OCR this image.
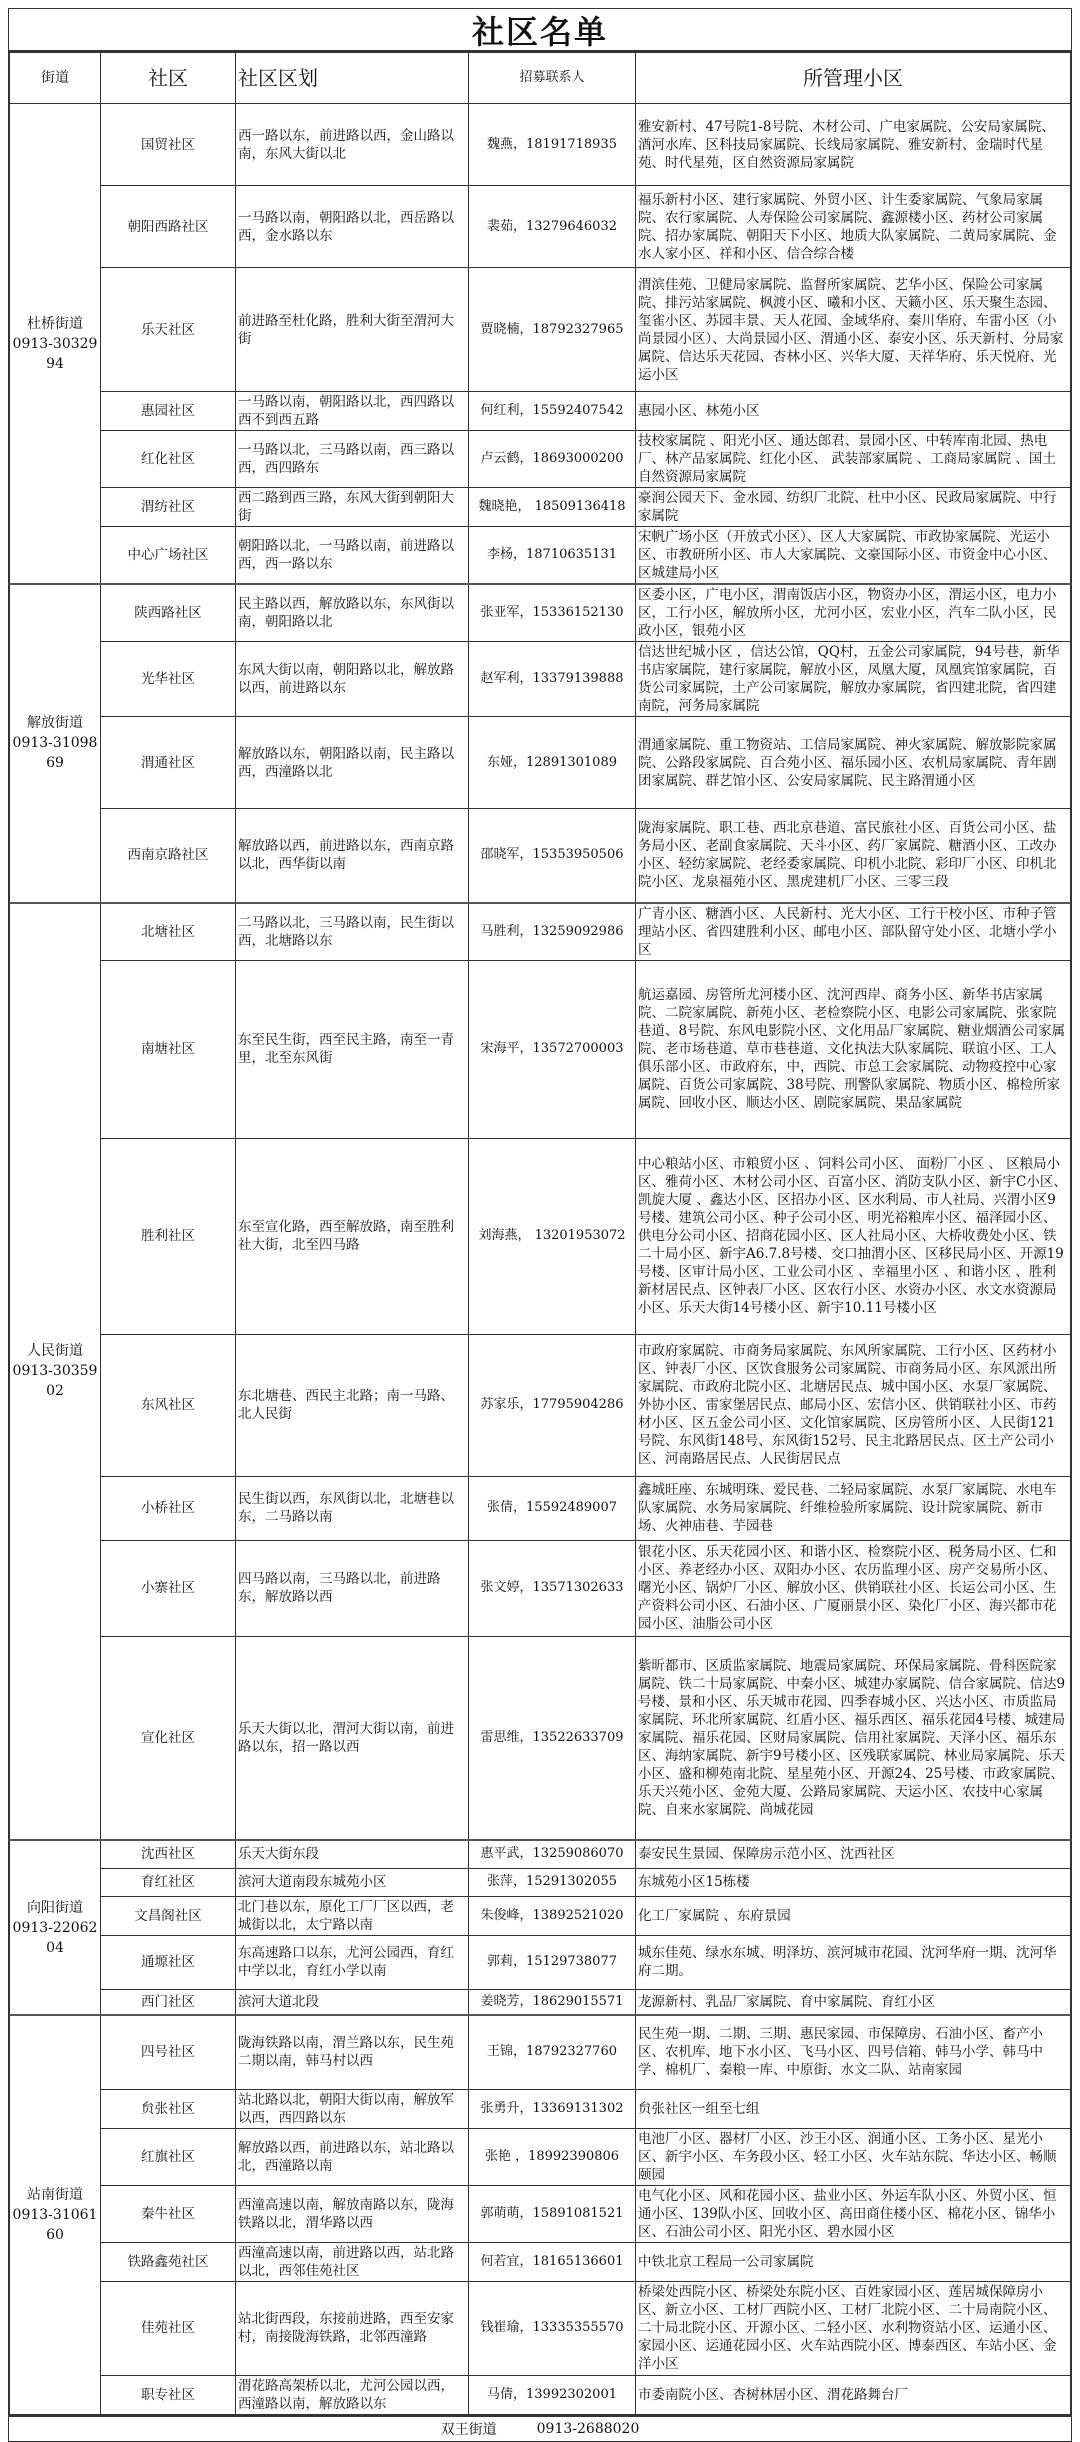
社区名单
街道	社区	社区区划	招募联系人	所管理小区

杜桥街道
0913-3032994	国贸社区	西一路以东，前进路以西，金山路以南，东风大街以北	魏燕，18191718935	雅安新村、47号院1-8号院、木材公司、广电家属院、公安局家属院、湭河水库、区科技局家属院、长线局家属院、雅安新村、金瑞时代星苑、时代星苑，区自然资源局家属院
	朝阳西路社区	一马路以南，朝阳路以北，西岳路以西，金水路以东	裴茹，13279646032	福乐新村小区、建行家属院、外贸小区、计生委家属院、气象局家属院、农行家属院、人寿保险公司家属院、鑫源楼小区、药材公司家属院、招办家属院、朝阳天下小区、地质大队家属院、二黄局家属院、金水人家小区、祥和小区、信合综合楼
	乐天社区	前进路至杜化路，胜利大街至渭河大街	贾晓楠，18792327965	渭滨佳苑、卫健局家属院、监督所家属院、艺华小区、保险公司家属院、排污站家属院、枫渡小区、曦和小区、天籁小区、乐天聚生态园、玺雀小区、苏园丰景、天人花园、金域华府、秦川华府、车雷小区（小尚景园小区）、大尚景园小区、渭通小区、泰安小区、乐天新村、分局家属院、信达乐天花园、杏林小区、兴华大厦、天祥华府、乐天悦府、光运小区
	惠园社区	一马路以南，朝阳路以北，西四路以西不到西五路	何红利，15592407542	惠园小区、林苑小区
	红化社区	一马路以北，三马路以南，西三路以西，西四路东	卢云鹤，18693000200	技校家属院 、阳光小区、通达郎君、景园小区、中转库南北园、热电厂、林产品家属院、红化小区、 武装部家属院 、工商局家属院 、国土自然资源局家属院
	渭纺社区	西二路到西三路，东风大街到朝阳大街	魏晓艳， 18509136418	豪润公园天下、金水园、纺织厂北院、杜中小区、民政局家属院、中行家属院
	中心广场社区	朝阳路以北，一马路以南，前进路以西，西一路以东	李杨，18710635131	宋帆广场小区（开放式小区）、区人大家属院、市政协家属院、光运小区、市教研所小区、市人大家属院、文豪国际小区、市资金中心小区、区城建局小区

解放街道
0913-3109869	陕西路社区	民主路以西，解放路以东，东风街以南，朝阳路以北	张亚军，15336152130	区委小区，广电小区，渭南饭店小区，物资办小区，渭运小区，电力小区，工行小区，解放所小区，尤河小区，宏业小区，汽车二队小区，民政小区，银苑小区
	光华社区	东风大街以南，朝阳路以北，解放路以西，前进路以东	赵军利，13379139888	信达世纪城小区 ，信达公馆，QQ村，五金公司家属院，94号巷，新华书店家属院，建行家属院，解放小区，凤凰大厦，凤凰宾馆家属院，百货公司家属院，土产公司家属院，解放办家属院，省四建北院，省四建南院，河务局家属院
	渭通社区	解放路以东，朝阳路以南，民主路以西，西潼路以北	东娅，12891301089	渭通家属院、重工物资站、工信局家属院、神火家属院、解放影院家属院、公路段家属院、百合苑小区、福乐园小区、农机局家属院、青年剧团家属院、群艺馆小区、公安局家属院、民主路渭通小区
	西南京路社区	解放路以西，前进路以东，西南京路以北，西华街以南	邵晓军，15353950506	陇海家属院、职工巷、西北京巷道、富民旅社小区、百货公司小区、盐务局小区、老副食家属院、天斗小区、药厂家属院、糖酒小区、工改办小区、轻纺家属院、老经委家属院、印机小北院、彩印厂小区、印机北院小区、龙泉福苑小区、黑虎建机厂小区、三零三段

人民街道
0913-3035902	北塘社区	二马路以北，三马路以南，民生街以西，北塘路以东	马胜利，13259092986	广青小区、糖酒小区、人民新村、光大小区、工行干校小区、市种子管理站小区、省四建胜利小区、邮电小区、部队留守处小区、北塘小学小区
	南塘社区	东至民生街，西至民主路，南至一青里，北至东风街	宋海平，13572700003	航运嘉园、房管所尤河楼小区、沈河西岸、商务小区、新华书店家属院、二院家属院、新苑小区、老检察院小区、电影公司家属院、张家院巷道、8号院、东风电影院小区、文化用品厂家属院、糖业烟酒公司家属院、老市场巷道、草市巷巷道、文化执法大队家属院、联谊小区、工人俱乐部小区、市政府东，中，西院、市总工会家属院、动物疫控中心家属院、百货公司家属院、38号院、刑警队家属院、物质小区、棉检所家属院、回收小区、顺达小区、剧院家属院、果品家属院
	胜利社区	东至宣化路，西至解放路，南至胜利社大街，北至四马路	刘海燕， 13201953072	中心粮站小区、市粮贸小区 、饲料公司小区、 面粉厂小区 、 区粮局小区、雅荷小区、木材公司小区、百富小区、消防支队小区、新宇C小区、凯旋大厦 、鑫达小区、区招办小区、区水利局、市人社局、兴渭小区9号楼、建筑公司小区、种子公司小区、明光裕粮库小区、福泽园小区、供电分公司小区、招商花园小区、区人社局小区、大桥收费处小区、铁二十局小区、新宇A6.7.8号楼、交口抽渭小区、区移民局小区、开源19号楼、区审计局小区、工业公司小区 、幸福里小区 、和谐小区 、胜利新材居民点、区钟表厂小区、区农行小区、水资办小区、水文水资源局小区、乐天大街14号楼小区、新宇10.11号楼小区
	东风社区	东北塘巷、西民主北路；南一马路、北人民街	苏家乐，17795904286	市政府家属院、市商务局家属院、东风所家属院、工行小区、区药材小区、钟表厂小区、区饮食服务公司家属院、市商务局小区、东风派出所家属院、市政府北院小区、北塘居民点、城中国小区、水泵厂家属院、外协小区、雷家堡居民点、邮局小区、宏信小区、供销联社小区、市药材小区、区五金公司小区、文化馆家属院、区房管所小区、人民街121号院、东风街148号、东风街152号、民主北路居民点、区土产公司小区、河南路居民点、人民街居民点
	小桥社区	民生街以西，东风街以北，北塘巷以东，二马路以南	张倩，15592489007	鑫城旺座、东城明珠、爱民巷、二轻局家属院、水泵厂家属院、水电车队家属院、水务局家属院、纤维检验所家属院、设计院家属院、新市场、火神庙巷、芋园巷
	小寨社区	四马路以南，三马路以北，前进路东，解放路以西	张文婷，13571302633	银花小区、乐天花园小区、和谐小区、检察院小区、税务局小区、仁和小区、养老经办小区、双阳办小区、农历监理小区、房产交易所小区、曙光小区、锅炉厂小区、解放小区、供销联社小区、长运公司小区、生产资料公司小区、石油小区、广厦丽景小区、染化厂小区、海兴都市花园小区、油脂公司小区
	宣化社区	乐天大街以北，渭河大街以南，前进路以东，招一路以西	雷思维，13522633709	紫昕都市、区质监家属院、地震局家属院、环保局家属院、骨科医院家属院、铁二十局家属院、中秦小区、城建办家属院、信合家属院、信达9号楼、景和小区、乐天城市花园、四季春城小区、兴达小区、市质监局家属院、环北所家属院、红盾小区、福乐西区、福乐花园4号楼、城建局家属院、福乐花园、区财局家属院、信用社家属院、天泽小区、福乐东区、海纳家属院、新宇9号楼小区、区残联家属院、林业局家属院、乐天小区、盛和柳苑南北院、星星苑小区、开源24、25号楼、市政家属院、乐天兴苑小区、金苑大厦、公路局家属院、天运小区、农技中心家属院、自来水家属院、尚城花园

向阳街道
0913-2206204	沈西社区	乐天大街东段	惠平武，13259086070	泰安民生景园、保障房示范小区、沈西社区
	育红社区	滨河大道南段东城苑小区	张萍，15291302055	东城苑小区15栋楼
	文昌阁社区	北门巷以东，原化工厂厂区以西，老城街以北，太宁路以南	朱俊峰，13892521020	化工厂家属院 、东府景园
	通塬社区	东高速路口以东，尤河公园西，育红中学以北，育红小学以南	郭莉，15129738077	城东佳苑、绿水东城、明泽坊、滨河城市花园、沈河华府一期、沈河华府二期。
	西门社区	滨河大道北段	姜晓芳，18629015571	龙源新村、乳品厂家属院、育中家属院、育红小区

站南街道
0913-3106160	四号社区	陇海铁路以南，渭兰路以东，民生苑二期以南，韩马村以西	王锦，18792327760	民生苑一期、二期、三期、惠民家园、市保障房、石油小区、畜产小区、农机库、地下水小区、飞马小区、四号信箱、韩马小学、韩马中学、棉机厂、秦粮一库、中原街、水文二队、站南家园
	贠张社区	站北路以北，朝阳大街以南，解放军以西，西四路以东	张勇升，13369131302	贠张社区一组至七组
	红旗社区	解放路以西，前进路以东，站北路以北，西潼路以南	张艳 ，18992390806	电池厂小区、器材厂小区、沙王小区、润通小区、工务小区、星光小区、新宇小区、车务段小区、轻工小区、火车站东院、华达小区、畅顺颐园
	秦牛社区	西潼高速以南，解放南路以东，陇海铁路以北，渭华路以西	郭萌萌，15891081521	电气化小区、风和花园小区、盐业小区、外运车队小区、外贸小区、恒通小区、139队小区、回收小区、高田商住楼小区、棉花小区、锦华小区、石油公司小区、阳光小区、碧水园小区
	铁路鑫苑社区	西潼高速以南，前进路以西，站北路以北，西邻佳苑社区	何若宜，18165136601	中铁北京工程局一公司家属院
	佳苑社区	站北街西段，东接前进路，西至安家村，南接陇海铁路，北邻西潼路	钱崔瑜，13335355570	桥梁处西院小区、桥梁处东院小区、百姓家园小区、莲居城保障房小区、新立小区、工材厂西院小区、工材厂北院小区、二十局南院小区、二十局北院小区、开源小区、二轻小区、水利物资站小区、运通小区、家园小区、运通花园小区、火车站西院小区、博泰西区、车站小区、金洋小区
	职专社区	渭花路高架桥以北，尤河公园以西，西潼路以南，解放路以东	马倩，13992302001	市委南院小区、杏树林居小区、渭花路舞台厂
双王街道	0913-2688020
